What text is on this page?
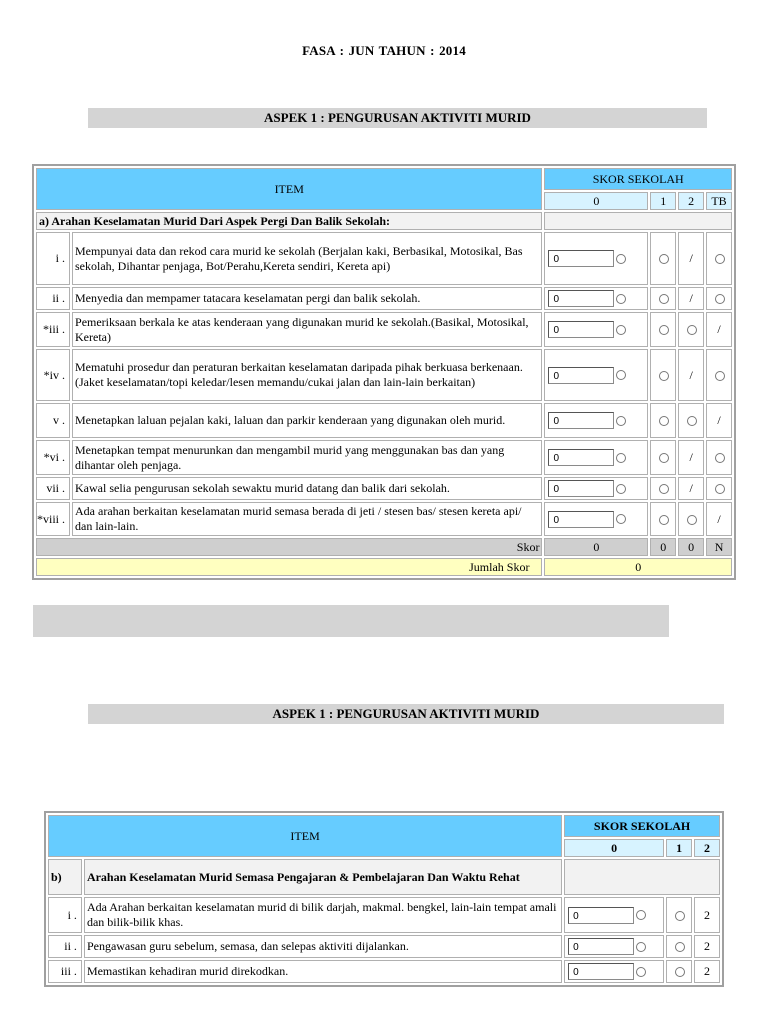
FASA : JUN TAHUN : 2014
ASPEK 1 : PENGURUSAN AKTIVITI MURID
ITEM		SKOR SEKOLAH			
		0	1	2	TB
a) Arahan Keselamatan Murid Dari Aspek Pergi Dan Balik Sekolah:					
i .	Mempunyai data dan rekod cara murid ke sekolah (Berjalan kaki, Berbasikal, Motosikal, Bas sekolah, Dihantar penjaga, Bot/Perahu,Kereta sendiri, Kereta api)	0		/	
ii .	Menyedia dan mempamer tatacara keselamatan pergi dan balik sekolah.	0		/	
*iii .	Pemeriksaan berkala ke atas kenderaan yang digunakan murid ke sekolah.(Basikal, Motosikal, Kereta)	0			/
*iv .	Mematuhi prosedur dan peraturan berkaitan keselamatan daripada pihak berkuasa berkenaan. (Jaket keselamatan/topi keledar/lesen memandu/cukai jalan dan lain-lain berkaitan)	0		/	
v .	Menetapkan laluan pejalan kaki, laluan dan parkir kenderaan yang digunakan oleh murid.	0			/
*vi .	Menetapkan tempat menurunkan dan mengambil murid yang menggunakan bas dan yang dihantar oleh penjaga.	0		/	
vii .	Kawal selia pengurusan sekolah sewaktu murid datang dan balik dari sekolah.	0		/	
*viii .	Ada arahan berkaitan keselamatan murid semasa berada di jeti / stesen bas/ stesen kereta api/ dan lain-lain.	0			/
Skor		0	0	0	N
Jumlah Skor		0			
ASPEK 1 : PENGURUSAN AKTIVITI MURID
ITEM		SKOR SEKOLAH		
		0	1	2
b)	Arahan Keselamatan Murid Semasa Pengajaran & Pembelajaran Dan Waktu Rehat			
i .	Ada Arahan berkaitan keselamatan murid di bilik darjah, makmal. bengkel, lain-lain tempat amali dan bilik-bilik khas.	0		2
ii .	Pengawasan guru sebelum, semasa, dan selepas aktiviti dijalankan.	0		2
iii .	Memastikan kehadiran murid direkodkan.	0		2
